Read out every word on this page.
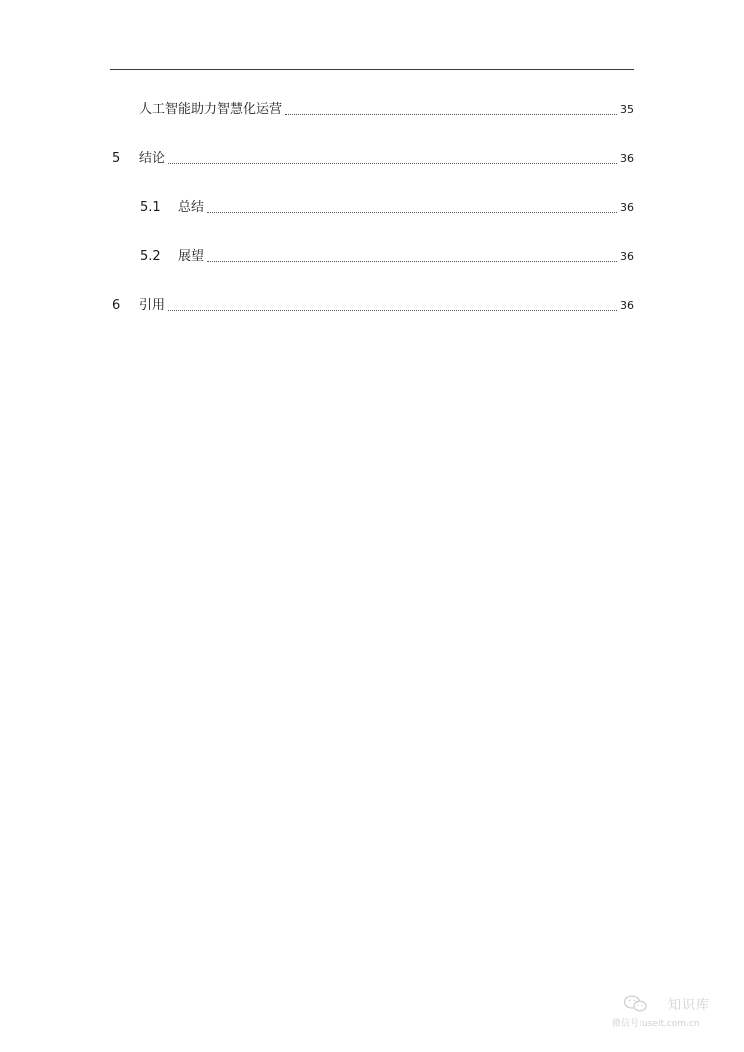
人工智能助力智慧化运营	35
5 结论	36
5.1 总结	36
5.2 展望	36
6 引用	36
知识库
微信号:useit.com.cn
